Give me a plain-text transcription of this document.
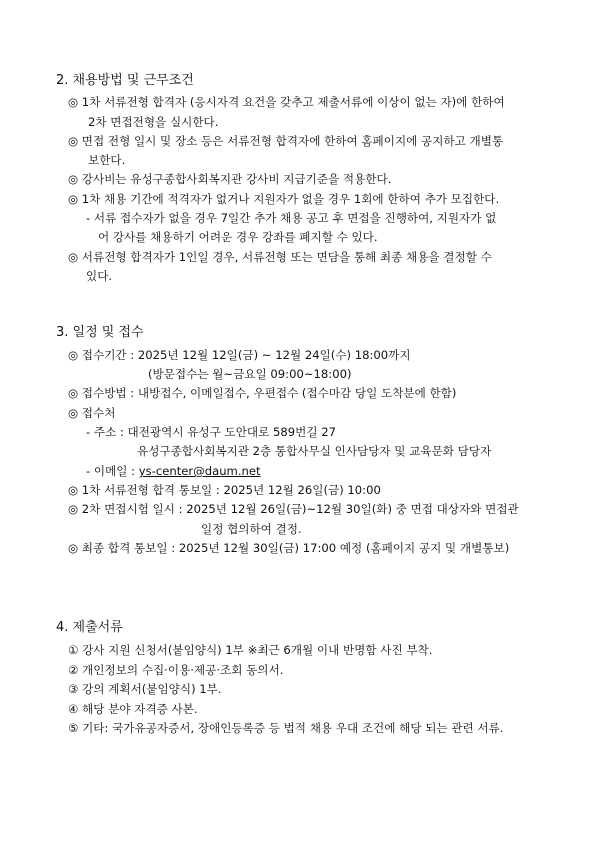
2. 채용방법 및 근무조건
◎ 1차 서류전형 합격자 (응시자격 요건을 갖추고 제출서류에 이상이 없는 자)에 한하여
2차 면접전형을 실시한다.
◎ 면접 전형 일시 및 장소 등은 서류전형 합격자에 한하여 홈페이지에 공지하고 개별통
보한다.
◎ 강사비는 유성구종합사회복지관 강사비 지급기준을 적용한다.
◎ 1차 채용 기간에 적격자가 없거나 지원자가 없을 경우 1회에 한하여 추가 모집한다.
- 서류 접수자가 없을 경우 7일간 추가 채용 공고 후 면접을 진행하여, 지원자가 없
어 강사를 채용하기 어려운 경우 강좌를 폐지할 수 있다.
◎ 서류전형 합격자가 1인일 경우, 서류전형 또는 면담을 통해 최종 채용을 결정할 수
있다.
3. 일정 및 접수
◎ 접수기간 : 2025년 12월 12일(금) ~ 12월 24일(수) 18:00까지
(방문접수는 월~금요일 09:00~18:00)
◎ 접수방법 : 내방접수, 이메일접수, 우편접수 (접수마감 당일 도착분에 한함)
◎ 접수처
- 주소 : 대전광역시 유성구 도안대로 589번길 27
유성구종합사회복지관 2층 통합사무실 인사담당자 및 교육문화 담당자
- 이메일 : ys-center@daum.net
◎ 1차 서류전형 합격 통보일 : 2025년 12월 26일(금) 10:00
◎ 2차 면접시험 일시 : 2025년 12월 26일(금)~12월 30일(화) 중 면접 대상자와 면접관
일정 협의하여 결정.
◎ 최종 합격 통보일 : 2025년 12월 30일(금) 17:00 예정 (홈페이지 공지 및 개별통보)
4. 제출서류
① 강사 지원 신청서(붙임양식) 1부 ※최근 6개월 이내 반명함 사진 부착.
② 개인정보의 수집·이용·제공·조회 동의서.
③ 강의 계획서(붙임양식) 1부.
④ 해당 분야 자격증 사본.
⑤ 기타: 국가유공자증서, 장애인등록증 등 법적 채용 우대 조건에 해당 되는 관련 서류.
